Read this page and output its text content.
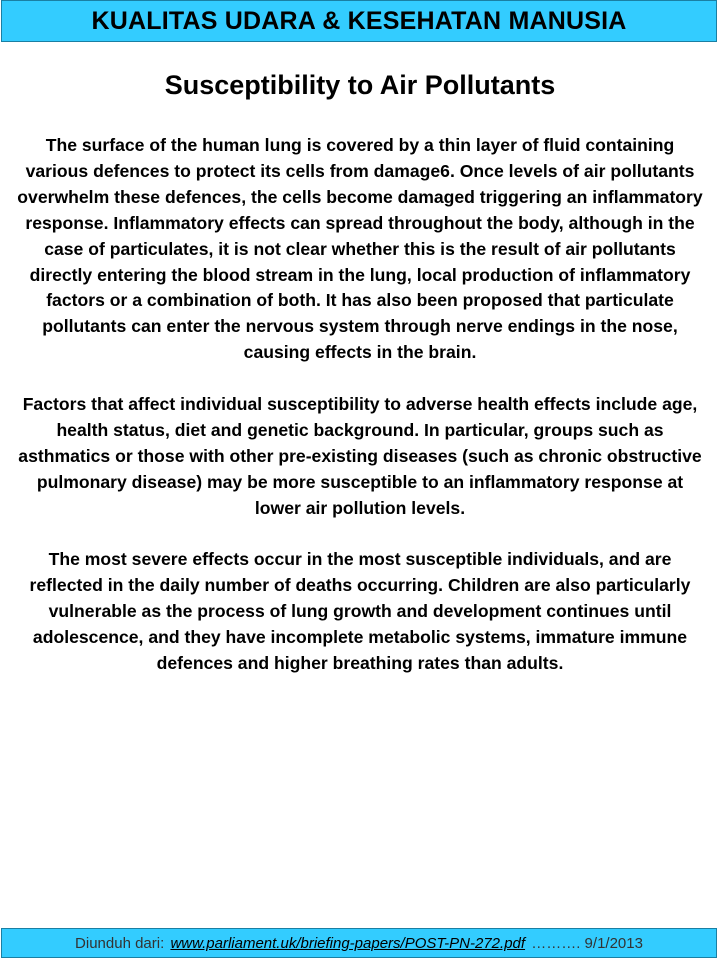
KUALITAS UDARA & KESEHATAN MANUSIA
Susceptibility to Air Pollutants

The surface of the human lung is covered by a thin layer of fluid containing various defences to protect its cells from damage6. Once levels of air pollutants overwhelm these defences, the cells become damaged triggering an inflammatory response. Inflammatory effects can spread throughout the body, although in the case of particulates, it is not clear whether this is the result of air pollutants directly entering the blood stream in the lung, local production of inflammatory factors or a combination of both. It has also been proposed that particulate pollutants can enter the nervous system through nerve endings in the nose, causing effects in the brain.

Factors that affect individual susceptibility to adverse health effects include age, health status, diet and genetic background. In particular, groups such as asthmatics or those with other pre-existing diseases (such as chronic obstructive pulmonary disease) may be more susceptible to an inflammatory response at lower air pollution levels.

The most severe effects occur in the most susceptible individuals, and are reflected in the daily number of deaths occurring. Children are also particularly vulnerable as the process of lung growth and development continues until adolescence, and they have incomplete metabolic systems, immature immune defences and higher breathing rates than adults.

Diunduh dari:
www.parliament.uk/briefing-papers/POST-PN-272.pdf
………. 9/1/2013
